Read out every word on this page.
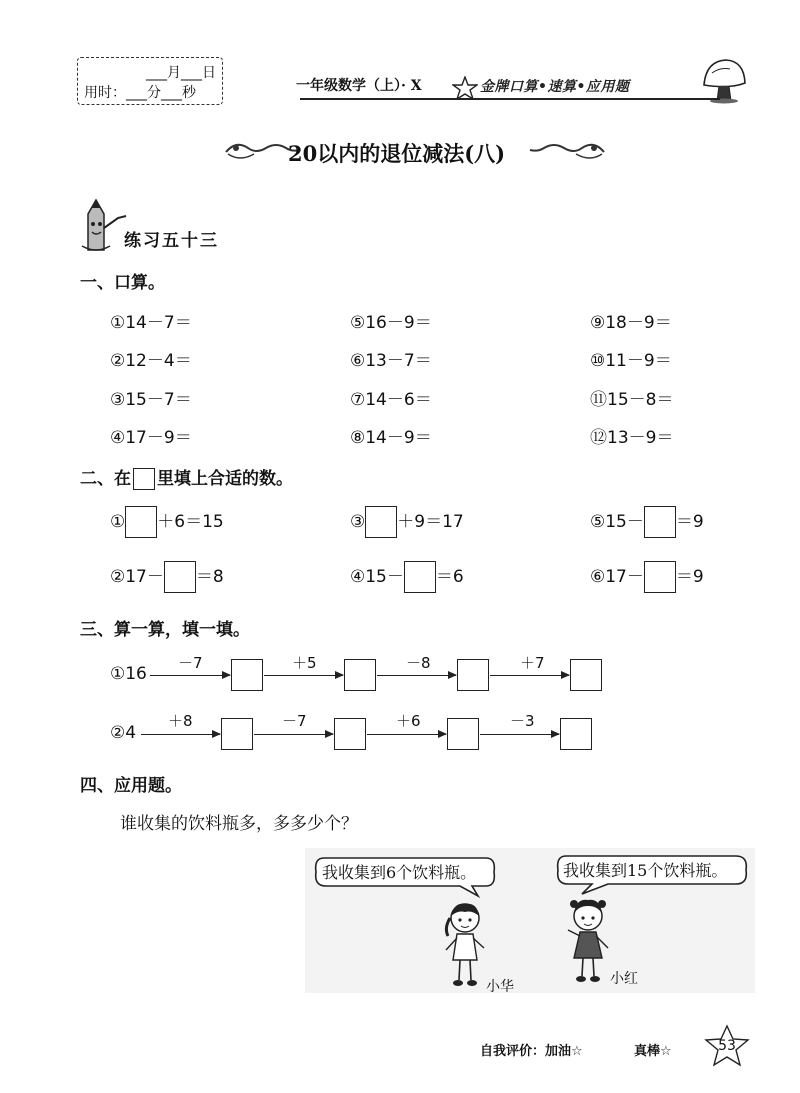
___月___日
用时：___分___秒	一年级数学（上）· X	金牌口算•速算•应用题
20以内的退位减法(八)
练习五十三
一、口算。
①14－7＝	⑤16－9＝	⑨18－9＝
②12－4＝	⑥13－7＝	⑩11－9＝
③15－7＝	⑦14－6＝	⑪15－8＝
④17－9＝	⑧14－9＝	⑫13－9＝
二、在 里填上合适的数。
① ＋6＝15	③ ＋9＝17	⑤15－ ＝9
②17－ ＝8	④15－ ＝6	⑥17－ ＝9
三、算一算，填一填。
①16
－7	＋5	－8	＋7
②4
＋8	－7	＋6	－3
四、应用题。
谁收集的饮料瓶多，多多少个？
我收集到6个饮料瓶。	我收集到15个饮料瓶。
小华	小红
自我评价：加油☆	真棒☆	53
